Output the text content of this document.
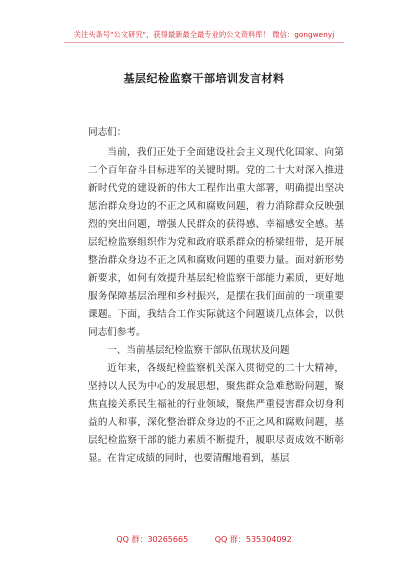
关注头条号"公文研究"，获得最新最全最专业的公文资料库！ 微信：gongwenyj
基层纪检监察干部培训发言材料
同志们：

当前，我们正处于全面建设社会主义现代化国家、向第二个百年奋斗目标进军的关键时期。党的二十大对深入推进新时代党的建设新的伟大工程作出重大部署，明确提出坚决惩治群众身边的不正之风和腐败问题，着力消除群众反映强烈的突出问题，增强人民群众的获得感、幸福感安全感。基层纪检监察组织作为党和政府联系群众的桥梁纽带，是开展整治群众身边不正之风和腐败问题的重要力量。面对新形势新要求，如何有效提升基层纪检监察干部能力素质，更好地服务保障基层治理和乡村振兴，是摆在我们面前的一项重要课题。下面，我结合工作实际就这个问题谈几点体会，以供同志们参考。

一、当前基层纪检监察干部队伍现状及问题

近年来，各级纪检监察机关深入贯彻党的二十大精神，坚持以人民为中心的发展思想，聚焦群众急难愁盼问题，聚焦直接关系民生福祉的行业领域，聚焦严重侵害群众切身利益的人和事，深化整治群众身边的不正之风和腐败问题，基层纪检监察干部的能力素质不断提升，履职尽责成效不断彰显。在肯定成绩的同时，也要清醒地看到，基层

QQ 群：30265665	QQ 群：535304092
